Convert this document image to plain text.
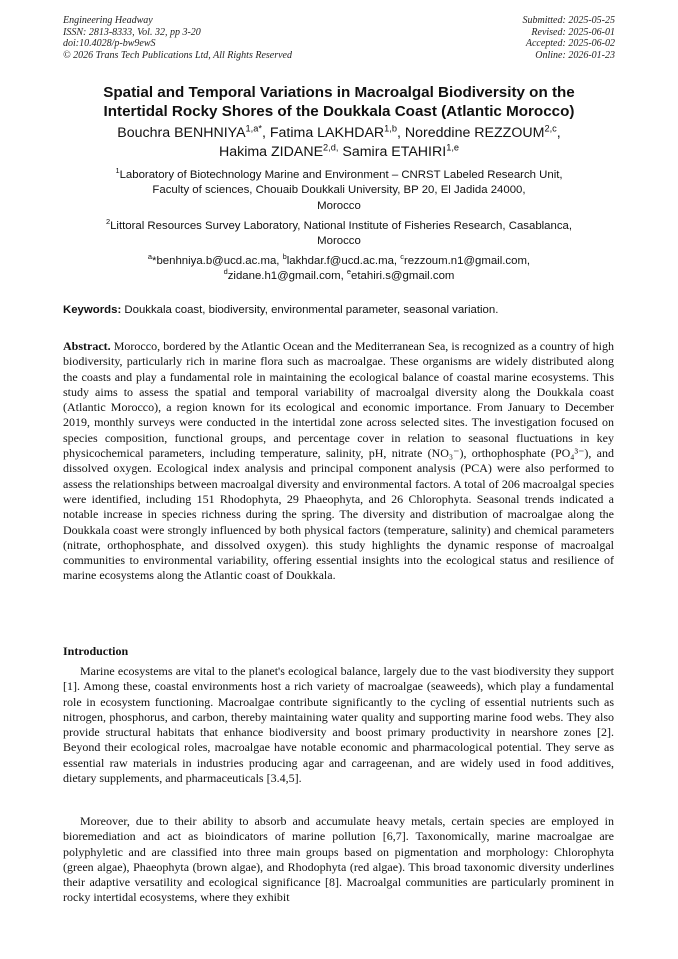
Engineering Headway
ISSN: 2813-8333, Vol. 32, pp 3-20
doi:10.4028/p-bw9ewS
© 2026 Trans Tech Publications Ltd, All Rights Reserved
Submitted: 2025-05-25
Revised: 2025-06-01
Accepted: 2025-06-02
Online: 2026-01-23
Spatial and Temporal Variations in Macroalgal Biodiversity on the
Intertidal Rocky Shores of the Doukkala Coast (Atlantic Morocco)
Bouchra $BENHNIYA^{1,a*}$, Fatima LAKHDAR$^{1,b}$, Noreddine REZZOUM$^{2,c}$,
Hakima $ZIDANE^{2,d,}$ Samira ETAHIRI$^{1,e}$
$^1$Laboratory of Biotechnology Marine and Environment – CNRST Labeled Research Unit,
Faculty of sciences, Chouaib Doukkali University, BP 20, El Jadida 24000,
Morocco
$^2$Littoral Resources Survey Laboratory, National Institute of Fisheries Research, Casablanca,
Morocco
$^a$*benhniya.b@ucd.ac.ma, $^b$lakhdar.f@ucd.ac.ma, $^c$rezzoum.n1@gmail.com,
$^d$zidane.h1@gmail.com, $^e$etahiri.s@gmail.com
Keywords: Doukkala coast, biodiversity, environmental parameter, seasonal variation.

Abstract. Morocco, bordered by the Atlantic Ocean and the Mediterranean Sea, is recognized as a country of high biodiversity, particularly rich in marine flora such as macroalgae. These organisms are widely distributed along the coasts and play a fundamental role in maintaining the ecological balance of coastal marine ecosystems. This study aims to assess the spatial and temporal variability of macroalgal diversity along the Doukkala coast (Atlantic Morocco), a region known for its ecological and economic importance. From January to December 2019, monthly surveys were conducted in the intertidal zone across selected sites. The investigation focused on species composition, functional groups, and percentage cover in relation to seasonal fluctuations in key physicochemical parameters, including temperature, salinity, pH, nitrate (NO₃⁻), orthophosphate (PO₄³⁻), and dissolved oxygen. Ecological index analysis and principal component analysis (PCA) were also performed to assess the relationships between macroalgal diversity and environmental factors. A total of 206 macroalgal species were identified, including 151 Rhodophyta, 29 Phaeophyta, and 26 Chlorophyta. Seasonal trends indicated a notable increase in species richness during the spring. The diversity and distribution of macroalgae along the Doukkala coast were strongly influenced by both physical factors (temperature, salinity) and chemical parameters (nitrate, orthophosphate, and dissolved oxygen). this study highlights the dynamic response of macroalgal communities to environmental variability, offering essential insights into the ecological status and resilience of marine ecosystems along the Atlantic coast of Doukkala.

Introduction

Marine ecosystems are vital to the planet's ecological balance, largely due to the vast biodiversity they support [1]. Among these, coastal environments host a rich variety of macroalgae (seaweeds), which play a fundamental role in ecosystem functioning. Macroalgae contribute significantly to the cycling of essential nutrients such as nitrogen, phosphorus, and carbon, thereby maintaining water quality and supporting marine food webs. They also provide structural habitats that enhance biodiversity and boost primary productivity in nearshore zones [2]. Beyond their ecological roles, macroalgae have notable economic and pharmacological potential. They serve as essential raw materials in industries producing agar and carrageenan, and are widely used in food additives, dietary supplements, and pharmaceuticals [3.4,5].

Moreover, due to their ability to absorb and accumulate heavy metals, certain species are employed in bioremediation and act as bioindicators of marine pollution [6,7]. Taxonomically, marine macroalgae are polyphyletic and are classified into three main groups based on pigmentation and morphology: Chlorophyta (green algae), Phaeophyta (brown algae), and Rhodophyta (red algae). This broad taxonomic diversity underlines their adaptive versatility and ecological significance [8]. Macroalgal communities are particularly prominent in rocky intertidal ecosystems, where they exhibit
